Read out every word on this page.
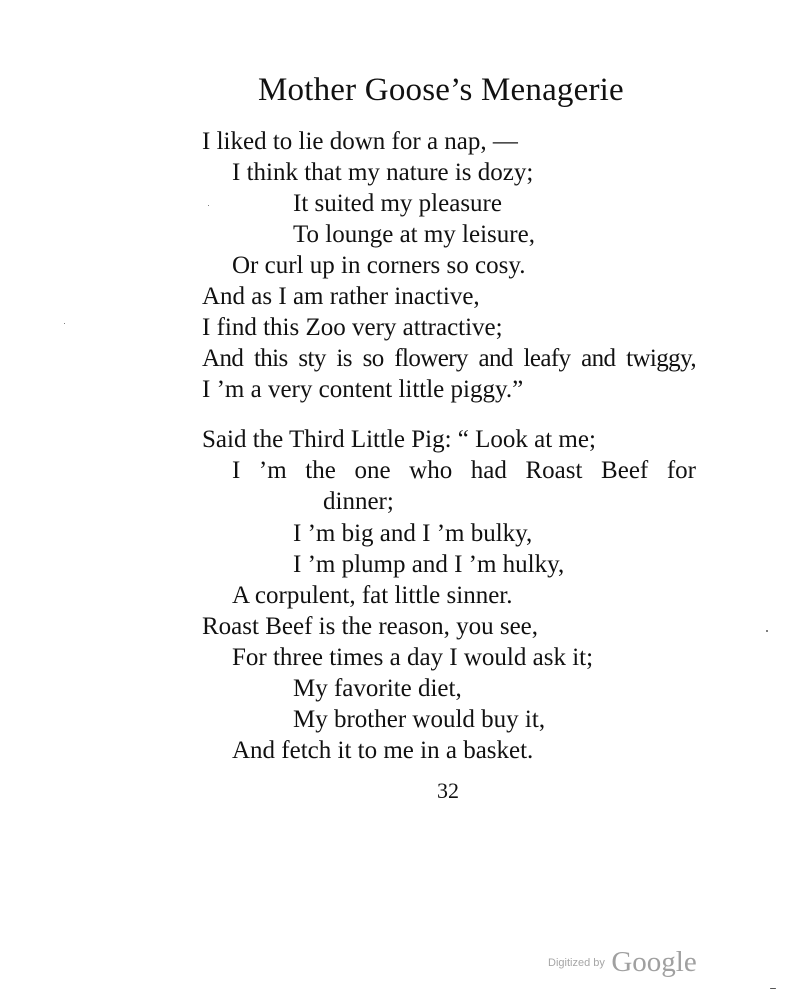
Mother Goose’s Menagerie
I liked to lie down for a nap, —
I think that my nature is dozy;
It suited my pleasure
To lounge at my leisure,
Or curl up in corners so cosy.
And as I am rather inactive,
I find this Zoo very attractive;
And this sty is so flowery and leafy and twiggy,
I ’m a very content little piggy.”
Said the Third Little Pig: “ Look at me;
I ’m the one who had Roast Beef for
dinner;
I ’m big and I ’m bulky,
I ’m plump and I ’m hulky,
A corpulent, fat little sinner.
Roast Beef is the reason, you see,
For three times a day I would ask it;
My favorite diet,
My brother would buy it,
And fetch it to me in a basket.
32
Digitized by Google
